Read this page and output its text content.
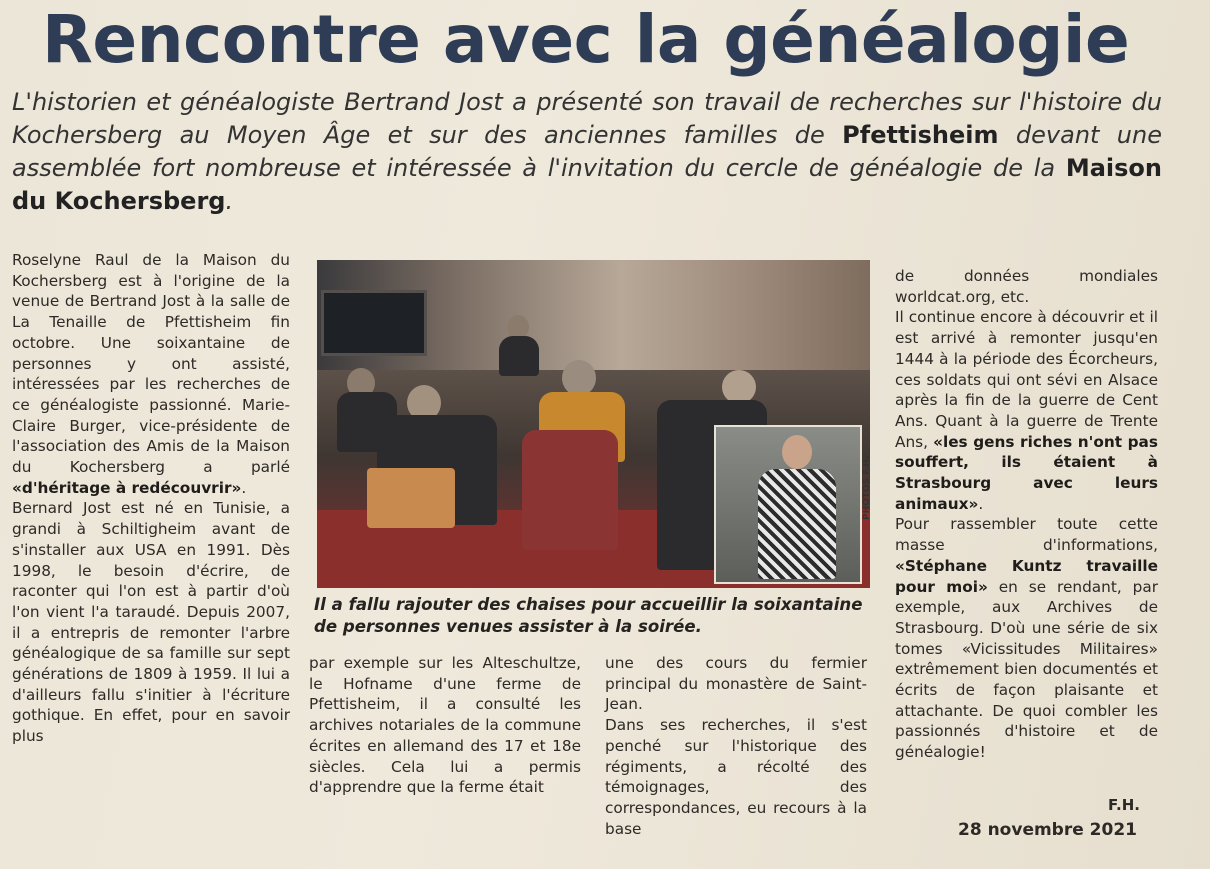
Rencontre avec la généalogie
L'historien et généalogiste Bertrand Jost a présenté son travail de recherches sur l'histoire du Kochersberg au Moyen Âge et sur des anciennes familles de Pfettisheim devant une assemblée fort nombreuse et intéressée à l'invitation du cercle de généalogie de la Maison du Kochersberg.

Roselyne Raul de la Maison du Kochersberg est à l'origine de la venue de Bertrand Jost à la salle de La Tenaille de Pfettisheim fin octobre. Une soixantaine de personnes y ont assisté, intéressées par les recherches de ce généalogiste passionné. Marie-Claire Burger, vice-présidente de l'association des Amis de la Maison du Kochersberg a parlé «d'héritage à redécouvrir».

Bernard Jost est né en Tunisie, a grandi à Schiltigheim avant de s'installer aux USA en 1991. Dès 1998, le besoin d'écrire, de raconter qui l'on est à partir d'où l'on vient l'a taraudé. Depuis 2007, il a entrepris de remonter l'arbre généalogique de sa famille sur sept générations de 1809 à 1959. Il lui a d'ailleurs fallu s'initier à l'écriture gothique. En effet, pour en savoir plus

PHOTOS F.H.
Il a fallu rajouter des chaises pour accueillir la soixantaine de personnes venues assister à la soirée.

par exemple sur les Alteschultze, le Hofname d'une ferme de Pfettisheim, il a consulté les archives notariales de la commune écrites en allemand des 17 et 18e siècles. Cela lui a permis d'apprendre que la ferme était

une des cours du fermier principal du monastère de Saint-Jean.

Dans ses recherches, il s'est penché sur l'historique des régiments, a récolté des témoignages, des correspondances, eu recours à la base

de données mondiales worldcat.org, etc.

Il continue encore à découvrir et il est arrivé à remonter jusqu'en 1444 à la période des Écorcheurs, ces soldats qui ont sévi en Alsace après la fin de la guerre de Cent Ans. Quant à la guerre de Trente Ans, «les gens riches n'ont pas souffert, ils étaient à Strasbourg avec leurs animaux».

Pour rassembler toute cette masse d'informations, «Stéphane Kuntz travaille pour moi» en se rendant, par exemple, aux Archives de Strasbourg. D'où une série de six tomes «Vicissitudes Militaires» extrêmement bien documentés et écrits de façon plaisante et attachante. De quoi combler les passionnés d'histoire et de généalogie!

F.H.
28 novembre 2021
